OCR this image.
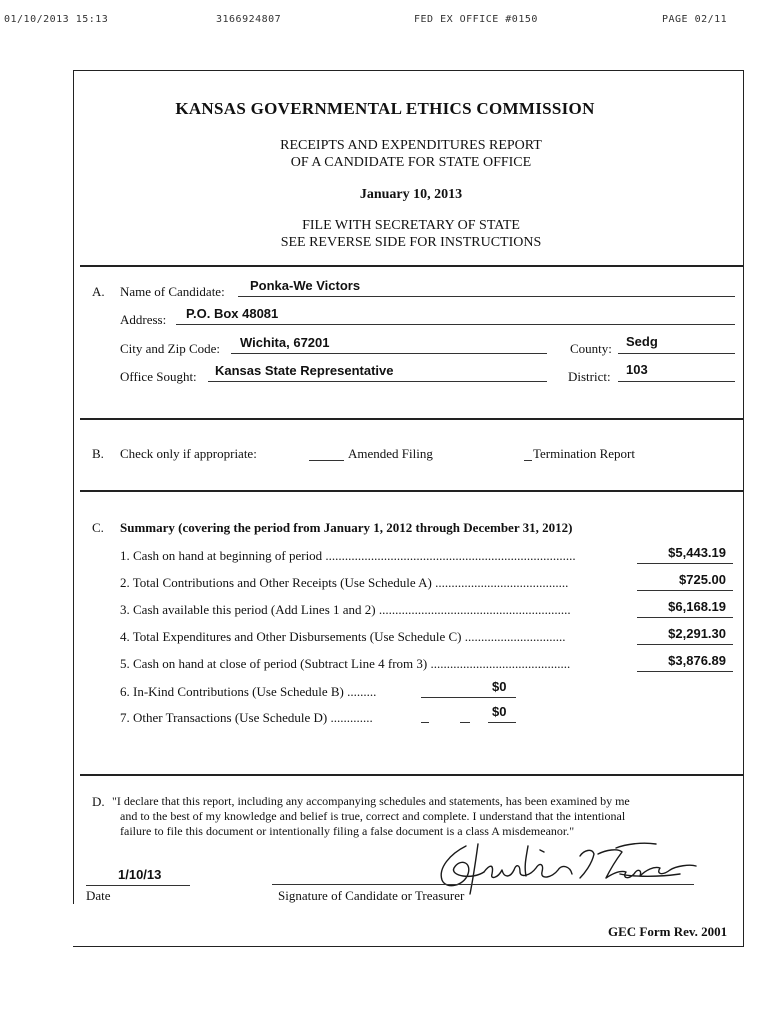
01/10/2013 15:13	3166924807	FED EX OFFICE #0150	PAGE 02/11
KANSAS GOVERNMENTAL ETHICS COMMISSION
RECEIPTS AND EXPENDITURES REPORT
OF A CANDIDATE FOR STATE OFFICE
January 10, 2013
FILE WITH SECRETARY OF STATE
SEE REVERSE SIDE FOR INSTRUCTIONS
A. Name of Candidate: Ponka-We Victors
Address: P.O. Box 48081
City and Zip Code: Wichita, 67201	County: Sedg
Office Sought: Kansas State Representative	District: 103
B. Check only if appropriate:	Amended Filing	Termination Report
C. Summary (covering the period from January 1, 2012 through December 31, 2012)
1. Cash on hand at beginning of period .............................................................................	$5,443.19
2. Total Contributions and Other Receipts (Use Schedule A) .........................................	$725.00
3. Cash available this period (Add Lines 1 and 2) ...........................................................	$6,168.19
4. Total Expenditures and Other Disbursements (Use Schedule C) ...............................	$2,291.30
5. Cash on hand at close of period (Subtract Line 4 from 3) ...........................................	$3,876.89
6. In-Kind Contributions (Use Schedule B) .........	$0
7. Other Transactions (Use Schedule D) .............	$0
D. "I declare that this report, including any accompanying schedules and statements, has been examined by me
and to the best of my knowledge and belief is true, correct and complete. I understand that the intentional
failure to file this document or intentionally filing a false document is a class A misdemeanor."
1/10/13
Date	Signature of Candidate or Treasurer
GEC Form Rev. 2001
